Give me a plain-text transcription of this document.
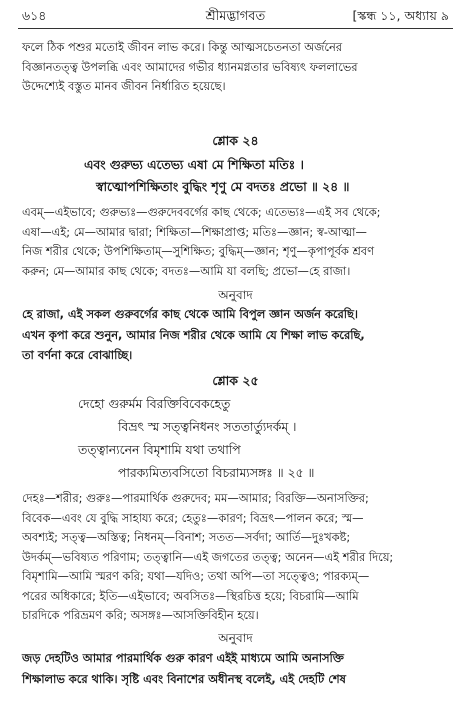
৬১৪	শ্রীমদ্ভাগবত	[স্কন্ধ ১১, অধ্যায় ৯
ফলে ঠিক পশুর মতোই জীবন লাভ করে। কিন্তু আত্মসচেতনতা অর্জনের
বিজ্ঞানতত্ত্ব উপলব্ধি এবং আমাদের গভীর ধ্যানমগ্নতার ভবিষ্যৎ ফললাভের
উদ্দেশ্যেই বস্তুত মানব জীবন নির্ধারিত হয়েছে।
শ্লোক ২৪
এবং গুরুভ্য এতেভ্য এষা মে শিক্ষিতা মতিঃ ।
স্বাত্মোপশিক্ষিতাং বুদ্ধিং শৃণু মে বদতঃ প্রভো ॥ ২৪ ॥
এবম্—এইভাবে; গুরুভ্যঃ—গুরুদেববর্গের কাছ থেকে; এতেভ্যঃ—এই সব থেকে;
এষা—এই; মে—আমার দ্বারা; শিক্ষিতা—শিক্ষাপ্রাপ্ত; মতিঃ—জ্ঞান; স্ব-আত্মা—
নিজ শরীর থেকে; উপশিক্ষিতাম্—সুশিক্ষিত; বুদ্ধিম্—জ্ঞান; শৃণু—কৃপাপূর্বক শ্রবণ
করুন; মে—আমার কাছ থেকে; বদতঃ—আমি যা বলছি; প্রভো—হে রাজা।
অনুবাদ
হে রাজা, এই সকল গুরুবর্গের কাছ থেকে আমি বিপুল জ্ঞান অর্জন করেছি।
এখন কৃপা করে শুনুন, আমার নিজ শরীর থেকে আমি যে শিক্ষা লাভ করেছি,
তা বর্ণনা করে বোঝাচ্ছি।
শ্লোক ২৫
দেহো গুরুর্মম বিরক্তিবিবেকহেতু
বিভ্রৎ স্ম সত্ত্বনিধনং সততার্ত্যুদর্কম্ ।
তত্ত্বান্যনেন বিমৃশামি যথা তথাপি
পারক্যমিত্যবসিতো বিচরাম্যসঙ্গঃ ॥ ২৫ ॥
দেহঃ—শরীর; গুরুঃ—পারমার্থিক গুরুদেব; মম—আমার; বিরক্তি—অনাসক্তির;
বিবেক—এবং যে বুদ্ধি সাহায্য করে; হেতুঃ—কারণ; বিভ্রৎ—পালন করে; স্ম—
অবশ্যই; সত্ত্ব—অস্তিত্ব; নিধনম্—বিনাশ; সতত—সর্বদা; আর্তি—দুঃখকষ্ট;
উদর্কম্—ভবিষ্যত পরিণাম; তত্ত্বানি—এই জগতের তত্ত্ব; অনেন—এই শরীর দিয়ে;
বিমৃশামি—আমি স্মরণ করি; যথা—যদিও; তথা অপি—তা সত্ত্বেও; পারক্যম্—
পরের অধিকারে; ইতি—এইভাবে; অবসিতঃ—স্থিরচিত্ত হয়ে; বিচরামি—আমি
চারদিকে পরিভ্রমণ করি; অসঙ্গঃ—আসক্তিবিহীন হয়ে।
অনুবাদ
জড় দেহটিও আমার পারমার্থিক গুরু কারণ এইই মাধ্যমে আমি অনাসক্তি
শিক্ষালাভ করে থাকি। সৃষ্টি এবং বিনাশের অধীনস্থ বলেই, এই দেহটি শেষ
